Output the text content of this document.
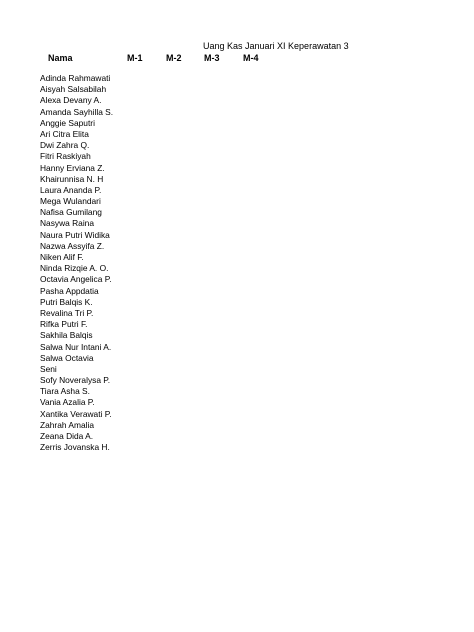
Uang Kas Januari XI Keperawatan 3
Nama	M-1	M-2	M-3	M-4
Adinda Rahmawati
Aisyah Salsabilah
Alexa Devany A.
Amanda Sayhilla S.
Anggie Saputri
Ari Citra Elita
Dwi Zahra Q.
Fitri Raskiyah
Hanny Erviana Z.
Khairunnisa N. H
Laura Ananda P.
Mega Wulandari
Nafisa Gumilang
Nasywa Raina
Naura Putri Widika
Nazwa Assyifa Z.
Niken Alif F.
Ninda Rizqie A. O.
Octavia Angelica P.
Pasha Appdatia
Putri Balqis K.
Revalina Tri P.
Rifka Putri F.
Sakhila Balqis
Salwa Nur Intani A.
Salwa Octavia
Seni
Sofy Noveralysa P.
Tiara Asha S.
Vania Azalia P.
Xantika Verawati P.
Zahrah Amalia
Zeana Dida A.
Zerris Jovanska H.
